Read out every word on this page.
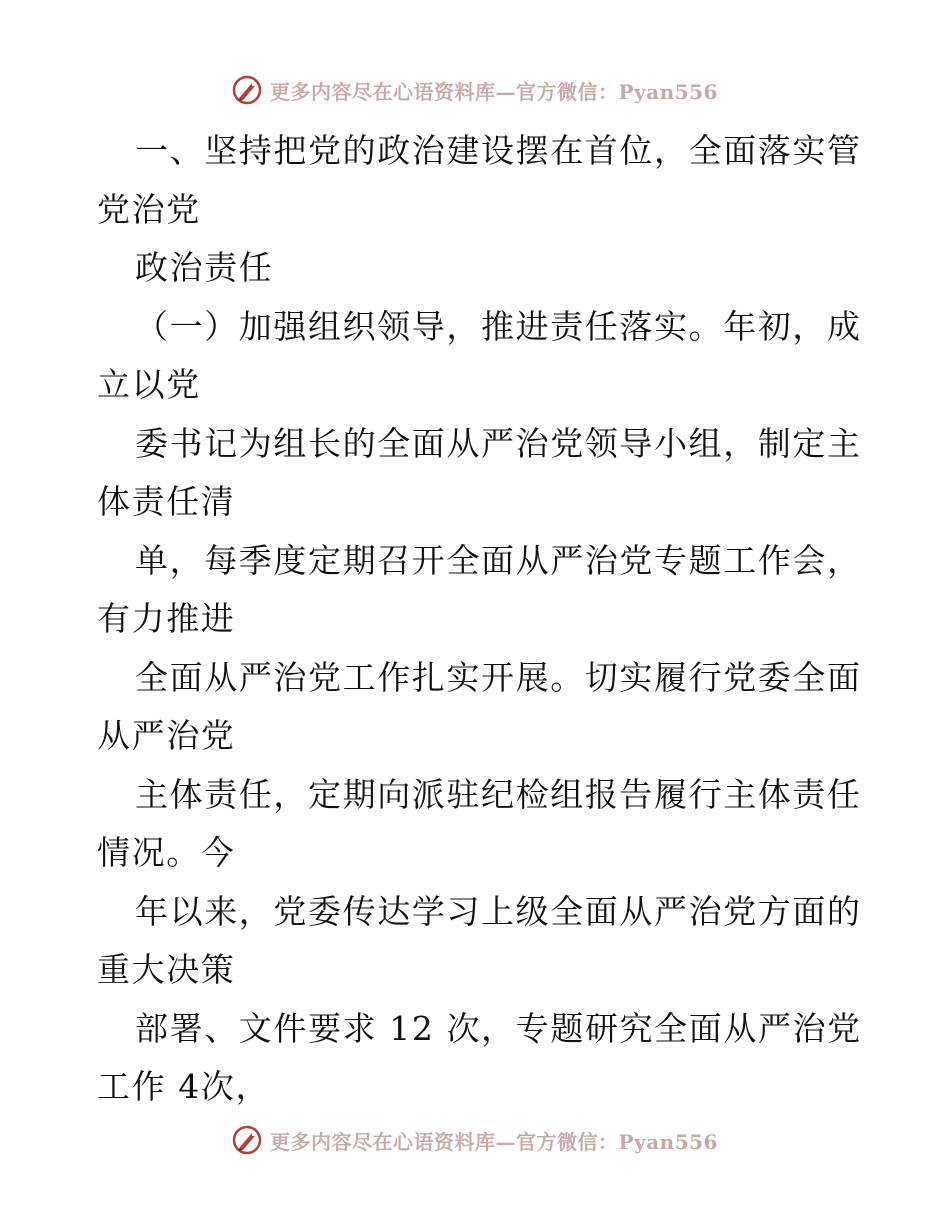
更多内容尽在心语资料库—官方微信：Pyan556
一、坚持把党的政治建设摆在首位，全面落实管
党治党
政治责任
（一）加强组织领导，推进责任落实。年初，成
立以党
委书记为组长的全面从严治党领导小组，制定主
体责任清
单，每季度定期召开全面从严治党专题工作会，
有力推进
全面从严治党工作扎实开展。切实履行党委全面
从严治党
主体责任，定期向派驻纪检组报告履行主体责任
情况。今
年以来，党委传达学习上级全面从严治党方面的
重大决策
部署、文件要求 12 次，专题研究全面从严治党
工作 4次，
更多内容尽在心语资料库—官方微信：Pyan556
